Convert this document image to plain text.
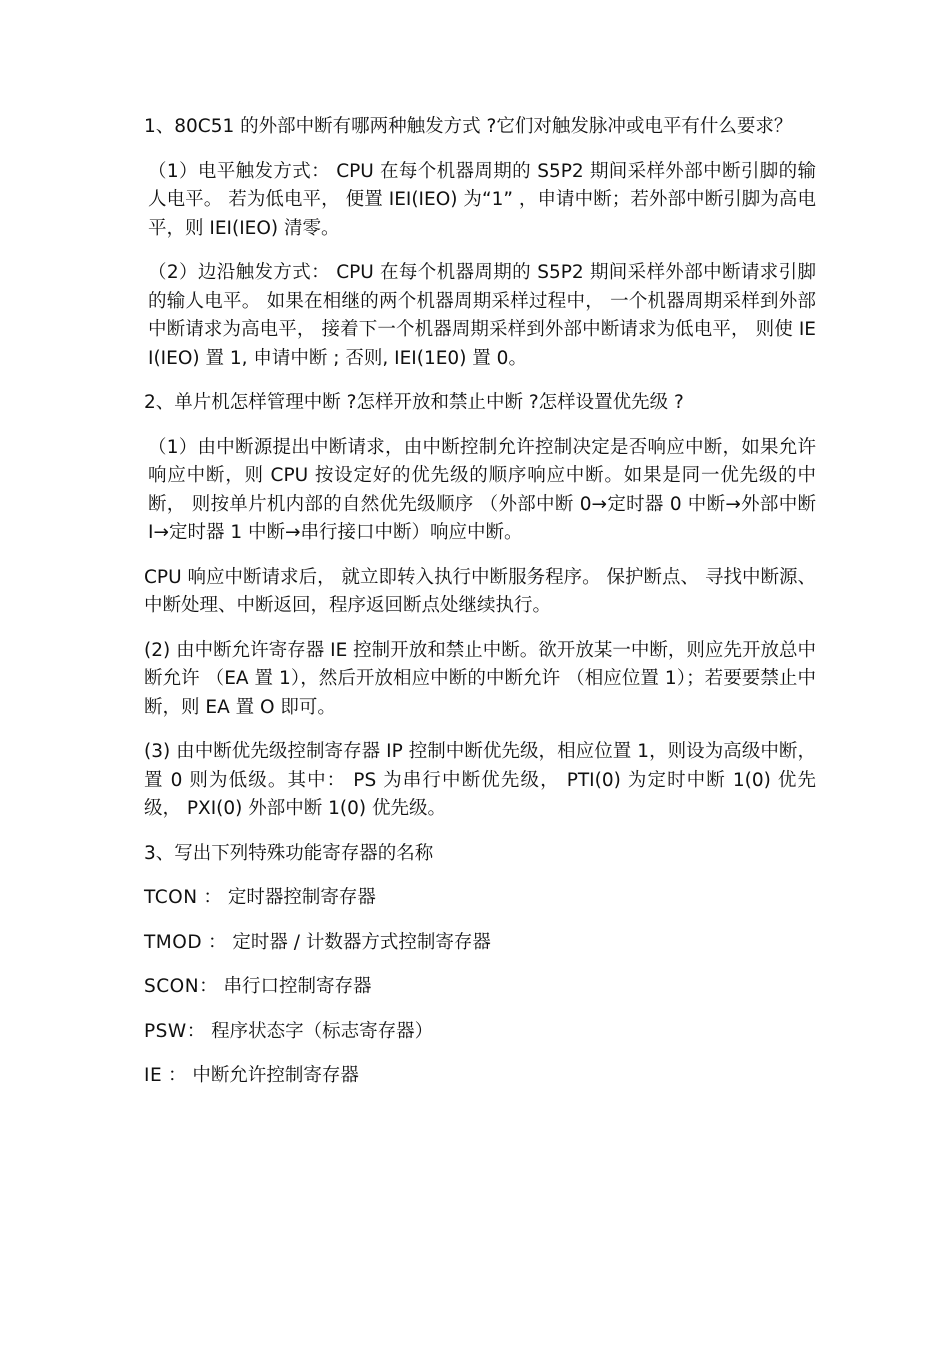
1、80C51 的外部中断有哪两种触发方式 ?它们对触发脉冲或电平有什么要求？

（1）电平触发方式： CPU 在每个机器周期的 S5P2 期间采样外部中断引脚的输人电平。 若为低电平， 便置 IEI(IEO) 为“1” ，申请中断；若外部中断引脚为高电平，则 IEI(IEO) 清零。

（2）边沿触发方式： CPU 在每个机器周期的 S5P2 期间采样外部中断请求引脚的输人电平。 如果在相继的两个机器周期采样过程中， 一个机器周期采样到外部中断请求为高电平， 接着下一个机器周期采样到外部中断请求为低电平， 则使 IEI(IEO) 置 1, 申请中断 ; 否则, IEI(1E0) 置 0。

2、单片机怎样管理中断 ?怎样开放和禁止中断 ?怎样设置优先级 ?

（1）由中断源提出中断请求，由中断控制允许控制决定是否响应中断，如果允许响应中断，则 CPU 按设定好的优先级的顺序响应中断。如果是同一优先级的中断， 则按单片机内部的自然优先级顺序 （外部中断 0→定时器 0 中断→外部中断 I→定时器 1 中断→串行接口中断）响应中断。

CPU 响应中断请求后， 就立即转入执行中断服务程序。 保护断点、 寻找中断源、中断处理、中断返回，程序返回断点处继续执行。

(2) 由中断允许寄存器 IE 控制开放和禁止中断。欲开放某一中断，则应先开放总中断允许 （EA 置 1），然后开放相应中断的中断允许 （相应位置 1）；若要要禁止中断，则 EA 置 O 即可。

(3) 由中断优先级控制寄存器 IP 控制中断优先级，相应位置 1，则设为高级中断，置 0 则为低级。其中： PS 为串行中断优先级， PTI(0) 为定时中断 1(0) 优先级， PXI(0) 外部中断 1(0) 优先级。

3、写出下列特殊功能寄存器的名称

TCON ： 定时器控制寄存器
TMOD ： 定时器 / 计数器方式控制寄存器
SCON： 串行口控制寄存器
PSW： 程序状态字（标志寄存器）
IE ： 中断允许控制寄存器
